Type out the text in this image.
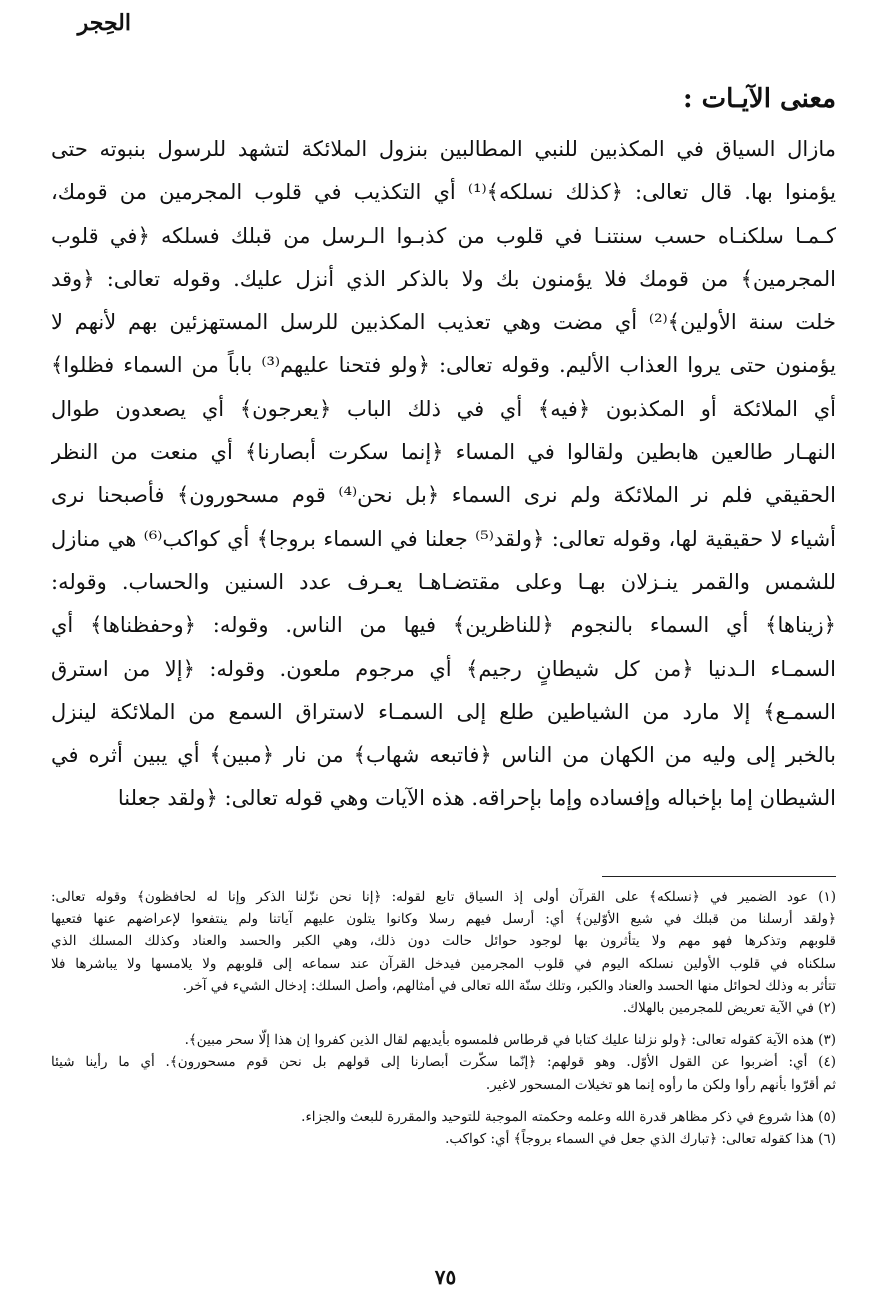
الحِجر
معنى الآيـات :
مازال السياق في المكذبين للنبي المطالبين بنزول الملائكة لتشهد للرسول بنبوته حتى
يؤمنوا بها. قال تعالى: ﴿كذلك نسلكه﴾⁽¹⁾ أي التكذيب في قلوب المجرمين من قومك،
كـمـا سلكنـاه حسب سنتنـا في قلوب من كذبـوا الـرسل من قبلك فسلكه ﴿في قلوب
المجرمين﴾ من قومك فلا يؤمنون بك ولا بالذكر الذي أنزل عليك. وقوله تعالى: ﴿وقد
خلت سنة الأولين﴾⁽²⁾ أي مضت وهي تعذيب المكذبين للرسل المستهزئين بهم لأنهم لا
يؤمنون حتى يروا العذاب الأليم. وقوله تعالى: ﴿ولو فتحنا عليهم⁽³⁾ باباً من السماء فظلوا﴾
أي الملائكة أو المكذبون ﴿فيه﴾ أي في ذلك الباب ﴿يعرجون﴾ أي يصعدون طوال
النهـار طالعين هابطين ولقالوا في المساء ﴿إنما سكرت أبصارنا﴾ أي منعت من النظر
الحقيقي فلم نر الملائكة ولم نرى السماء ﴿بل نحن⁽⁴⁾ قوم مسحورون﴾ فأصبحنا نرى
أشياء لا حقيقية لها، وقوله تعالى: ﴿ولقد⁽⁵⁾ جعلنا في السماء بروجا﴾ أي كواكب⁽⁶⁾ هي منازل
للشمس والقمر ينـزلان بهـا وعلى مقتضـاهـا يعـرف عدد السنين والحساب. وقوله:
﴿زيناها﴾ أي السماء بالنجوم ﴿للناظرين﴾ فيها من الناس. وقوله: ﴿وحفظناها﴾ أي
السمـاء الـدنيا ﴿من كل شيطانٍ رجيم﴾ أي مرجوم ملعون. وقوله: ﴿إلا من استرق
السمـع﴾ إلا مارد من الشياطين طلع إلى السمـاء لاستراق السمع من الملائكة لينزل
بالخبر إلى وليه من الكهان من الناس ﴿فاتبعه شهاب﴾ من نار ﴿مبين﴾ أي يبين أثره في
الشيطان إما بإخباله وإفساده وإما بإحراقه. هذه الآيات وهي قوله تعالى: ﴿ولقد جعلنا
(١) عود الضمير في ﴿نسلكه﴾ على القرآن أولى إذ السياق تابع لقوله: ﴿إنا نحن نزّلنا الذكر وإنا له لحافظون﴾ وقوله تعالى:
﴿ولقد أرسلنا من قبلك في شيع الأوّلين﴾ أي: أرسل فيهم رسلا وكانوا يتلون عليهم آياتنا ولم ينتفعوا لإعراضهم عنها فتعيها
قلوبهم وتذكرها فهو مهم ولا يتأثرون بها لوجود حوائل حالت دون ذلك، وهي الكبر والحسد والعناد وكذلك المسلك الذي
سلكناه في قلوب الأولين نسلكه اليوم في قلوب المجرمين فيدخل القرآن عند سماعه إلى قلوبهم ولا يلامسها ولا يباشرها فلا
تتأثر به وذلك لحوائل منها الحسد والعناد والكبر، وتلك سنّة الله تعالى في أمثالهم، وأصل السلك: إدخال الشيء في آخر.
(٢) في الآية تعريض للمجرمين بالهلاك.
(٣) هذه الآية كقوله تعالى: ﴿ولو نزلنا عليك كتابا في قرطاس فلمسوه بأيديهم لقال الذين كفروا إن هذا إلّا سحر مبين﴾.
(٤) أي: أضربوا عن القول الأوّل. وهو قولهم: ﴿إنّما سكّرت أبصارنا إلى قولهم بل نحن قوم مسحورون﴾. أي ما رأينا شيئا
ثم أقرّوا بأنهم رأوا ولكن ما رأوه إنما هو تخيلات المسحور لاغير.
(٥) هذا شروع في ذكر مظاهر قدرة الله وعلمه وحكمته الموجبة للتوحيد والمقررة للبعث والجزاء.
(٦) هذا كقوله تعالى: ﴿تبارك الذي جعل في السماء بروجاً﴾ أي: كواكب.
٧٥
